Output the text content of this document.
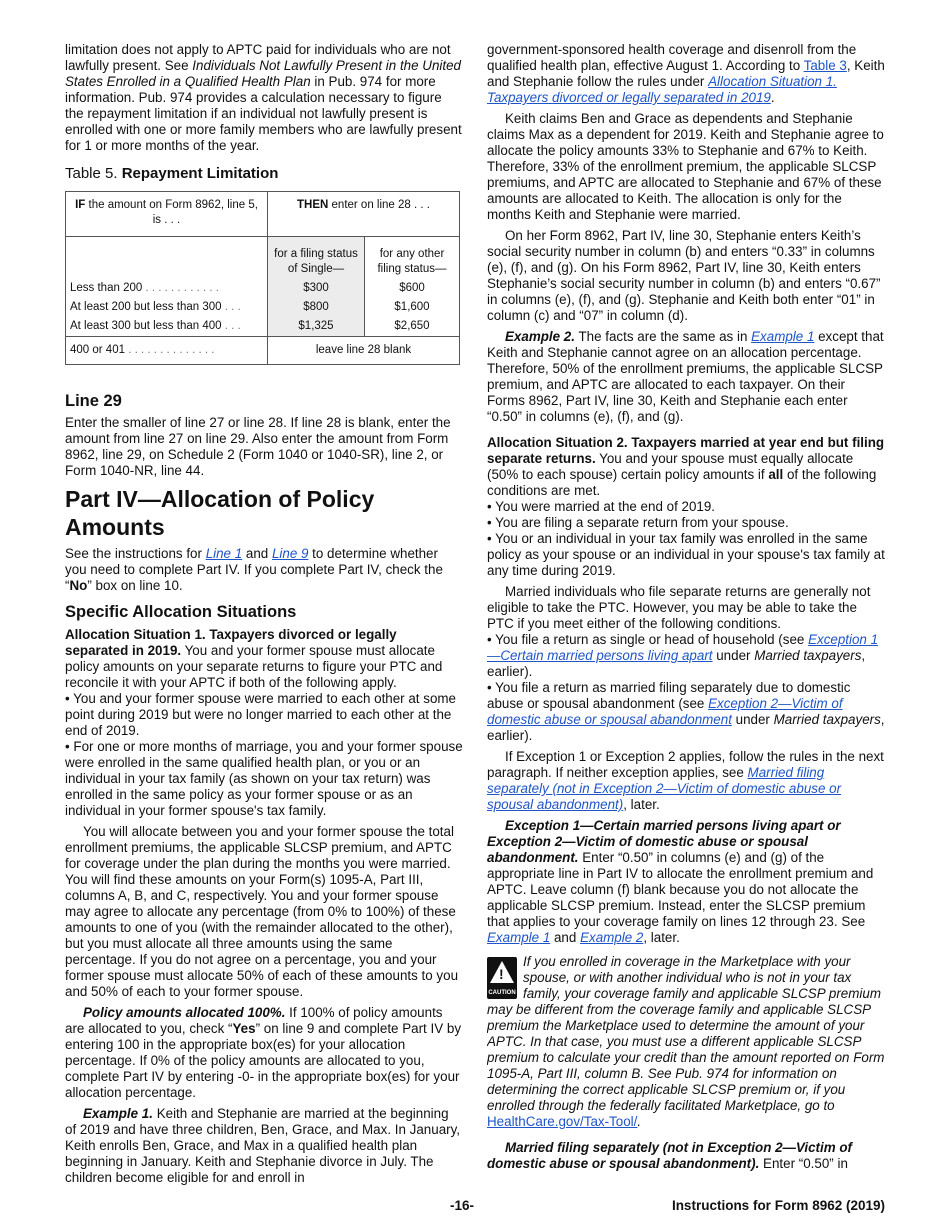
limitation does not apply to APTC paid for individuals who are not lawfully present. See Individuals Not Lawfully Present in the United States Enrolled in a Qualified Health Plan in Pub. 974 for more information. Pub. 974 provides a calculation necessary to figure the repayment limitation if an individual not lawfully present is enrolled with one or more family members who are lawfully present for 1 or more months of the year.

Table 5. Repayment Limitation
IF the amount on Form 8962, line 5, is . . .	THEN enter on line 28 . . .	
	for a filing status of Single—	for any other filing status—
Less than 200 . . . . . . . . . . . .	$300	$600
At least 200 but less than 300 . . .	$800	$1,600
At least 300 but less than 400 . . .	$1,325	$2,650
400 or 401 . . . . . . . . . . . . . .	leave line 28 blank	
Line 29

Enter the smaller of line 27 or line 28. If line 28 is blank, enter the amount from line 27 on line 29. Also enter the amount from Form 8962, line 29, on Schedule 2 (Form 1040 or 1040-SR), line 2, or Form 1040-NR, line 44.

Part IV—Allocation of Policy Amounts

See the instructions for Line 1 and Line 9 to determine whether you need to complete Part IV. If you complete Part IV, check the “No” box on line 10.

Specific Allocation Situations

Allocation Situation 1. Taxpayers divorced or legally separated in 2019. You and your former spouse must allocate policy amounts on your separate returns to figure your PTC and reconcile it with your APTC if both of the following apply.

• You and your former spouse were married to each other at some point during 2019 but were no longer married to each other at the end of 2019.

• For one or more months of marriage, you and your former spouse were enrolled in the same qualified health plan, or you or an individual in your tax family (as shown on your tax return) was enrolled in the same policy as your former spouse or as an individual in your former spouse's tax family.

You will allocate between you and your former spouse the total enrollment premiums, the applicable SLCSP premium, and APTC for coverage under the plan during the months you were married. You will find these amounts on your Form(s) 1095-A, Part III, columns A, B, and C, respectively. You and your former spouse may agree to allocate any percentage (from 0% to 100%) of these amounts to one of you (with the remainder allocated to the other), but you must allocate all three amounts using the same percentage. If you do not agree on a percentage, you and your former spouse must allocate 50% of each of these amounts to you and 50% of each to your former spouse.

Policy amounts allocated 100%. If 100% of policy amounts are allocated to you, check “Yes” on line 9 and complete Part IV by entering 100 in the appropriate box(es) for your allocation percentage. If 0% of the policy amounts are allocated to you, complete Part IV by entering -0- in the appropriate box(es) for your allocation percentage.

Example 1. Keith and Stephanie are married at the beginning of 2019 and have three children, Ben, Grace, and Max. In January, Keith enrolls Ben, Grace, and Max in a qualified health plan beginning in January. Keith and Stephanie divorce in July. The children become eligible for and enroll in

government-sponsored health coverage and disenroll from the qualified health plan, effective August 1. According to Table 3, Keith and Stephanie follow the rules under Allocation Situation 1. Taxpayers divorced or legally separated in 2019.

Keith claims Ben and Grace as dependents and Stephanie claims Max as a dependent for 2019. Keith and Stephanie agree to allocate the policy amounts 33% to Stephanie and 67% to Keith. Therefore, 33% of the enrollment premium, the applicable SLCSP premiums, and APTC are allocated to Stephanie and 67% of these amounts are allocated to Keith. The allocation is only for the months Keith and Stephanie were married.

On her Form 8962, Part IV, line 30, Stephanie enters Keith’s social security number in column (b) and enters “0.33” in columns (e), (f), and (g). On his Form 8962, Part IV, line 30, Keith enters Stephanie’s social security number in column (b) and enters “0.67” in columns (e), (f), and (g). Stephanie and Keith both enter “01” in column (c) and “07” in column (d).

Example 2. The facts are the same as in Example 1 except that Keith and Stephanie cannot agree on an allocation percentage. Therefore, 50% of the enrollment premiums, the applicable SLCSP premium, and APTC are allocated to each taxpayer. On their Forms 8962, Part IV, line 30, Keith and Stephanie each enter “0.50” in columns (e), (f), and (g).

Allocation Situation 2. Taxpayers married at year end but filing separate returns. You and your spouse must equally allocate (50% to each spouse) certain policy amounts if all of the following conditions are met.

• You were married at the end of 2019.

• You are filing a separate return from your spouse.

• You or an individual in your tax family was enrolled in the same policy as your spouse or an individual in your spouse's tax family at any time during 2019.

Married individuals who file separate returns are generally not eligible to take the PTC. However, you may be able to take the PTC if you meet either of the following conditions.

• You file a return as single or head of household (see Exception 1—Certain married persons living apart under Married taxpayers, earlier).

• You file a return as married filing separately due to domestic abuse or spousal abandonment (see Exception 2—Victim of domestic abuse or spousal abandonment under Married taxpayers, earlier).

If Exception 1 or Exception 2 applies, follow the rules in the next paragraph. If neither exception applies, see Married filing separately (not in Exception 2—Victim of domestic abuse or spousal abandonment), later.

Exception 1—Certain married persons living apart or Exception 2—Victim of domestic abuse or spousal abandonment. Enter “0.50” in columns (e) and (g) of the appropriate line in Part IV to allocate the enrollment premium and APTC. Leave column (f) blank because you do not allocate the applicable SLCSP premium. Instead, enter the SLCSP premium that applies to your coverage family on lines 12 through 23. See Example 1 and Example 2, later.

!
CAUTION

If you enrolled in coverage in the Marketplace with your spouse, or with another individual who is not in your tax family, your coverage family and applicable SLCSP premium may be different from the coverage family and applicable SLCSP premium the Marketplace used to determine the amount of your APTC. In that case, you must use a different applicable SLCSP premium to calculate your credit than the amount reported on Form 1095-A, Part III, column B. See Pub. 974 for information on determining the correct applicable SLCSP premium or, if you enrolled through the federally facilitated Marketplace, go to HealthCare.gov/Tax-Tool/.

Married filing separately (not in Exception 2—Victim of domestic abuse or spousal abandonment). Enter “0.50” in

-16-	Instructions for Form 8962 (2019)
